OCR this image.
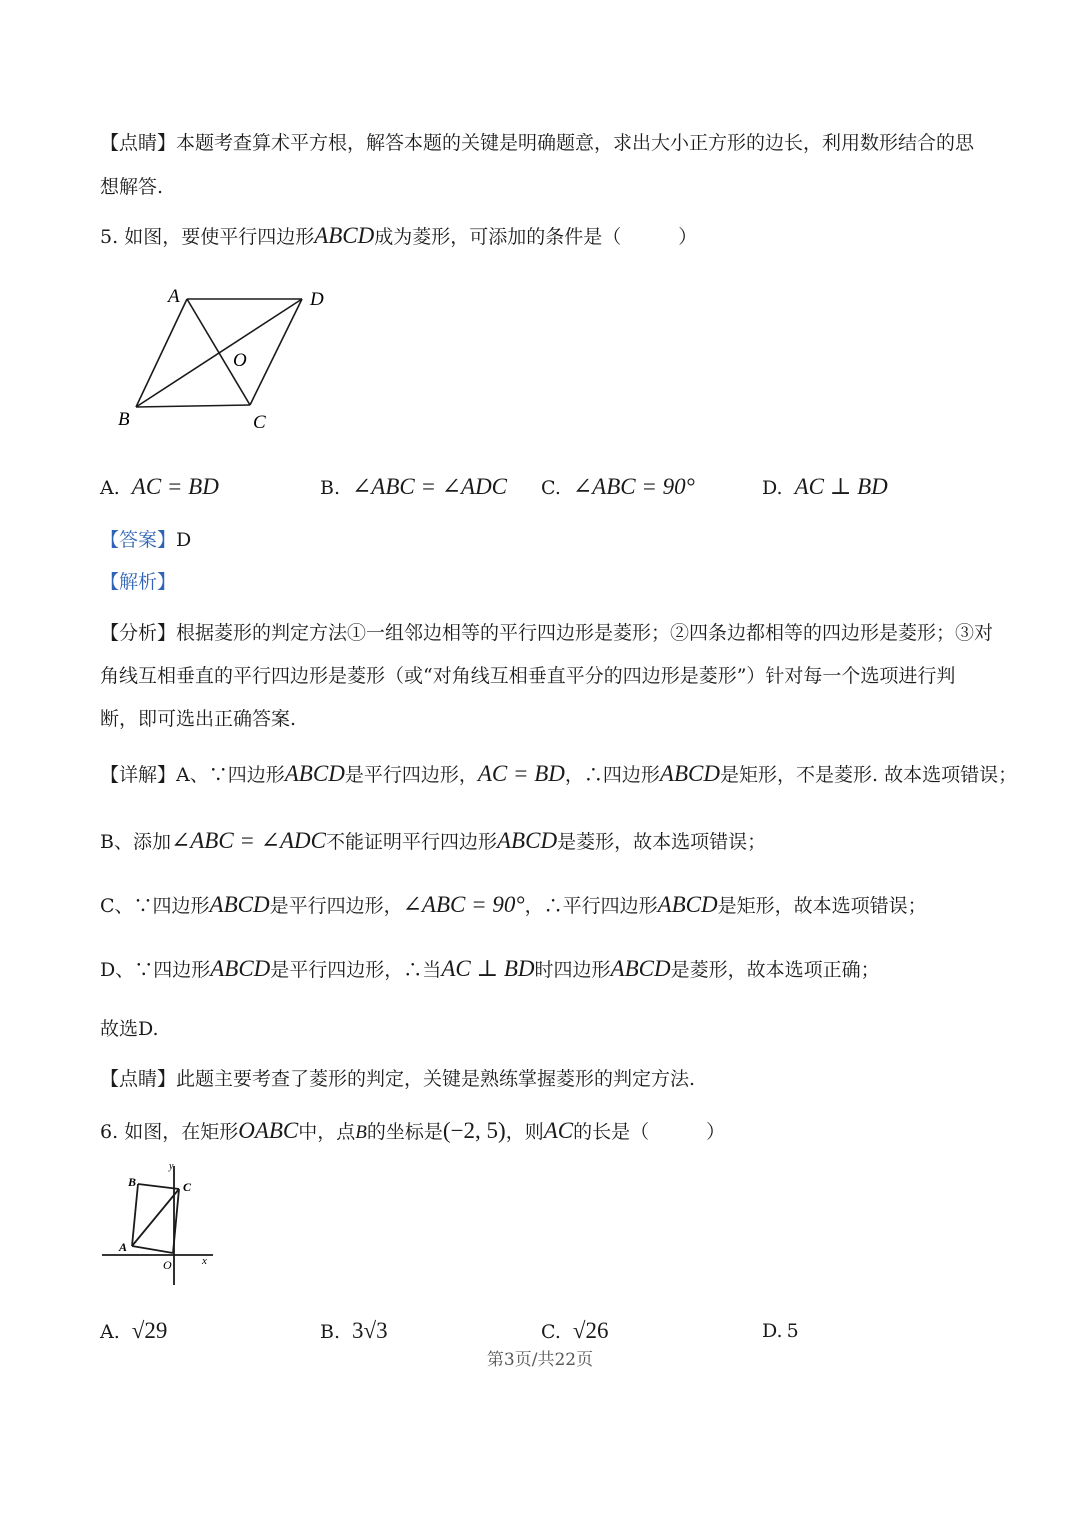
【点睛】本题考查算术平方根，解答本题的关键是明确题意，求出大小正方形的边长，利用数形结合的思
想解答.
5. 如图，要使平行四边形ABCD成为菱形，可添加的条件是（　　　）
A	D
O
B	C
A. AC = BD	B. ∠ABC = ∠ADC C. ∠ABC = 90°	D. AC ⊥ BD
【答案】D
【解析】
【分析】根据菱形的判定方法①一组邻边相等的平行四边形是菱形；②四条边都相等的四边形是菱形；③对
角线互相垂直的平行四边形是菱形（或“对角线互相垂直平分的四边形是菱形”）针对每一个选项进行判
断，即可选出正确答案.
【详解】A、∵四边形ABCD是平行四边形，AC = BD，∴四边形ABCD是矩形，不是菱形. 故本选项错误；
B、添加∠ABC = ∠ADC不能证明平行四边形ABCD是菱形，故本选项错误；
C、∵四边形ABCD是平行四边形，∠ABC = 90°，∴平行四边形ABCD是矩形，故本选项错误；
D、∵四边形ABCD是平行四边形，∴当AC ⊥ BD时四边形ABCD是菱形，故本选项正确；
故选D.
【点睛】此题主要考查了菱形的判定，关键是熟练掌握菱形的判定方法.
6. 如图，在矩形OABC中，点B的坐标是(−2, 5)，则AC的长是（　　　）
B	C
A
O
y
x
A. √29	B. 3√3	C. √26	D. 5
第3页/共22页
